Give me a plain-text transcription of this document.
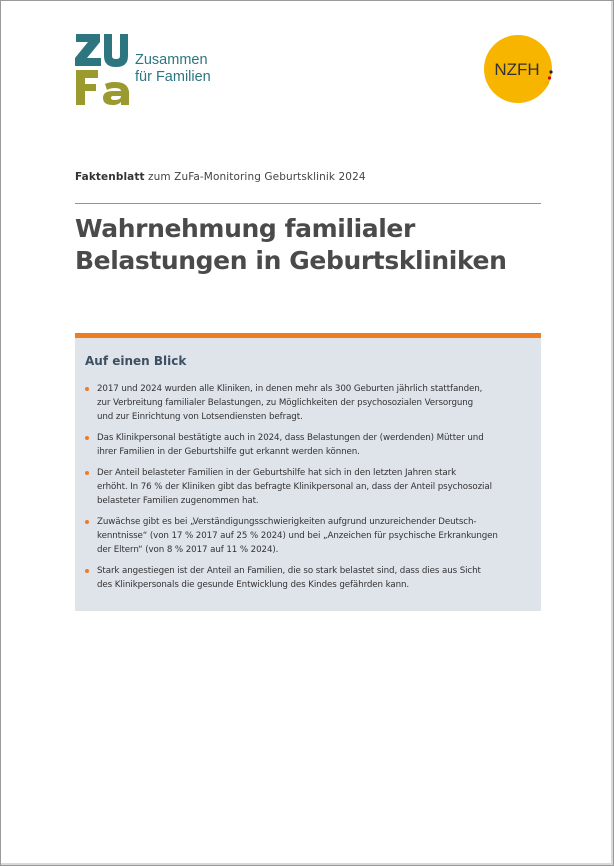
Zusammen
für Familien	NZFH
Faktenblatt zum ZuFa-Monitoring Geburtsklinik 2024
Wahrnehmung familialer
Belastungen in Geburtskliniken
Auf einen Blick
2017 und 2024 wurden alle Kliniken, in denen mehr als 300 Geburten jährlich stattfanden,
zur Verbreitung familialer Belastungen, zu Möglichkeiten der psychosozialen Versorgung
und zur Einrichtung von Lotsendiensten befragt.
Das Klinikpersonal bestätigte auch in 2024, dass Belastungen der (werdenden) Mütter und
ihrer Familien in der Geburtshilfe gut erkannt werden können.
Der Anteil belasteter Familien in der Geburtshilfe hat sich in den letzten Jahren stark
erhöht. In 76 % der Kliniken gibt das befragte Klinikpersonal an, dass der Anteil psychosozial
belasteter Familien zugenommen hat.
Zuwächse gibt es bei „Verständigungsschwierigkeiten aufgrund unzureichender Deutsch-
kenntnisse“ (von 17 % 2017 auf 25 % 2024) und bei „Anzeichen für psychische Erkrankungen
der Eltern“ (von 8 % 2017 auf 11 % 2024).
Stark angestiegen ist der Anteil an Familien, die so stark belastet sind, dass dies aus Sicht
des Klinikpersonals die gesunde Entwicklung des Kindes gefährden kann.
